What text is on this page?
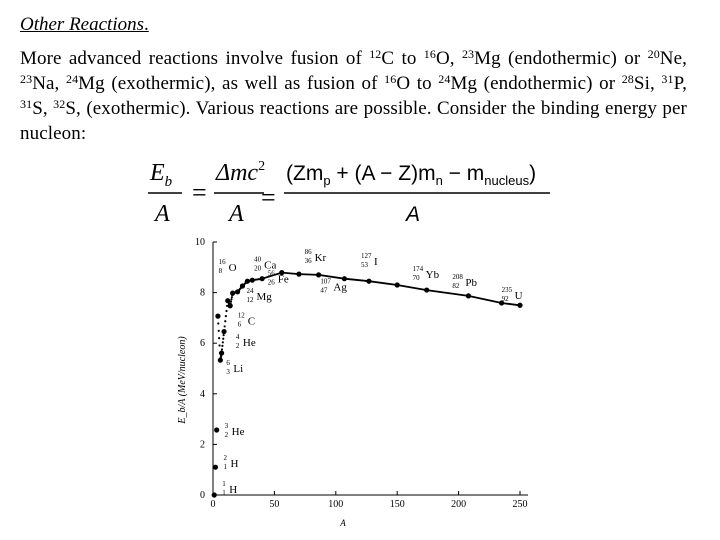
Other Reactions.
More advanced reactions involve fusion of $^{12}$C to $^{16}$O, $^{23}$Mg (endothermic) or $^{20}$Ne, $^{23}$Na, $^{24}$Mg (exothermic), as well as fusion of $^{16}$O to $^{24}$Mg (endothermic) or $^{28}$Si, $^{31}$P, $^{31}$S, $^{32}$S, (exothermic). Various reactions are possible. Consider the binding energy per nucleon:
$E_b$
A
=
Δmc$^2$
A
=
$(Zm_p + (A - Z)m_n - m_{nucleus})$
A
0	50	100	150	200	250
0
2
4
6
8
10
1
1 H
2
1 H
3
2 He
6
3 Li
4
2 He
12
6 C
24
12 Mg
16
8 O
40
20 Ca
56
26 Fe
86
36 Kr
107
47 Ag
127
53 I
174
70 Yb 208
82 Pb
235
92 U
E_b/A (MeV/nucleon)
A
